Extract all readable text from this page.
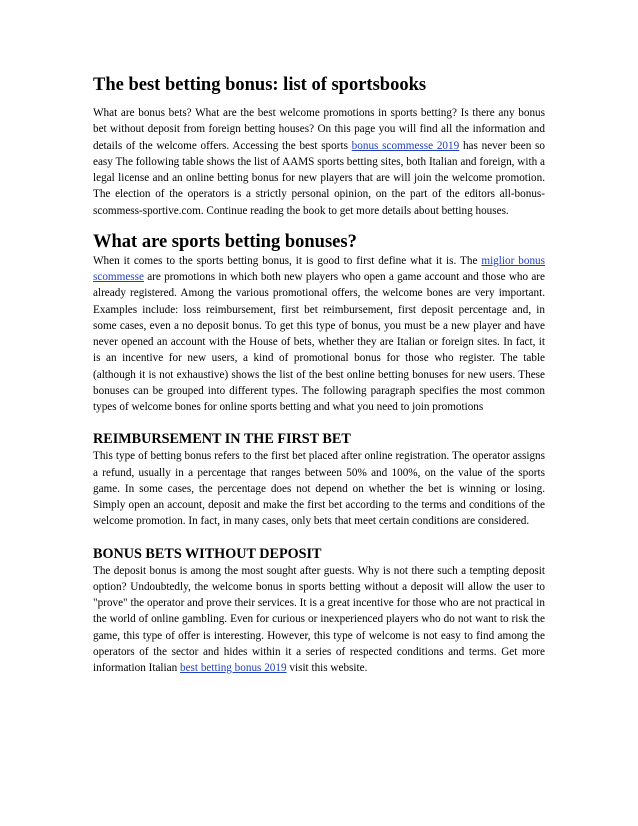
The best betting bonus: list of sportsbooks

What are bonus bets? What are the best welcome promotions in sports betting? Is there any bonus bet without deposit from foreign betting houses? On this page you will find all the information and details of the welcome offers. Accessing the best sports bonus scommesse 2019 has never been so easy The following table shows the list of AAMS sports betting sites, both Italian and foreign, with a legal license and an online betting bonus for new players that are will join the welcome promotion. The election of the operators is a strictly personal opinion, on the part of the editors all-bonus-scommess-sportive.com. Continue reading the book to get more details about betting houses.

What are sports betting bonuses?

When it comes to the sports betting bonus, it is good to first define what it is. The miglior bonus scommesse are promotions in which both new players who open a game account and those who are already registered. Among the various promotional offers, the welcome bones are very important. Examples include: loss reimbursement, first bet reimbursement, first deposit percentage and, in some cases, even a no deposit bonus. To get this type of bonus, you must be a new player and have never opened an account with the House of bets, whether they are Italian or foreign sites. In fact, it is an incentive for new users, a kind of promotional bonus for those who register. The table (although it is not exhaustive) shows the list of the best online betting bonuses for new users. These bonuses can be grouped into different types. The following paragraph specifies the most common types of welcome bones for online sports betting and what you need to join promotions

REIMBURSEMENT IN THE FIRST BET

This type of betting bonus refers to the first bet placed after online registration. The operator assigns a refund, usually in a percentage that ranges between 50% and 100%, on the value of the sports game. In some cases, the percentage does not depend on whether the bet is winning or losing. Simply open an account, deposit and make the first bet according to the terms and conditions of the welcome promotion. In fact, in many cases, only bets that meet certain conditions are considered.

BONUS BETS WITHOUT DEPOSIT

The deposit bonus is among the most sought after guests. Why is not there such a tempting deposit option? Undoubtedly, the welcome bonus in sports betting without a deposit will allow the user to "prove" the operator and prove their services. It is a great incentive for those who are not practical in the world of online gambling. Even for curious or inexperienced players who do not want to risk the game, this type of offer is interesting. However, this type of welcome is not easy to find among the operators of the sector and hides within it a series of respected conditions and terms. Get more information Italian best betting bonus 2019 visit this website.
